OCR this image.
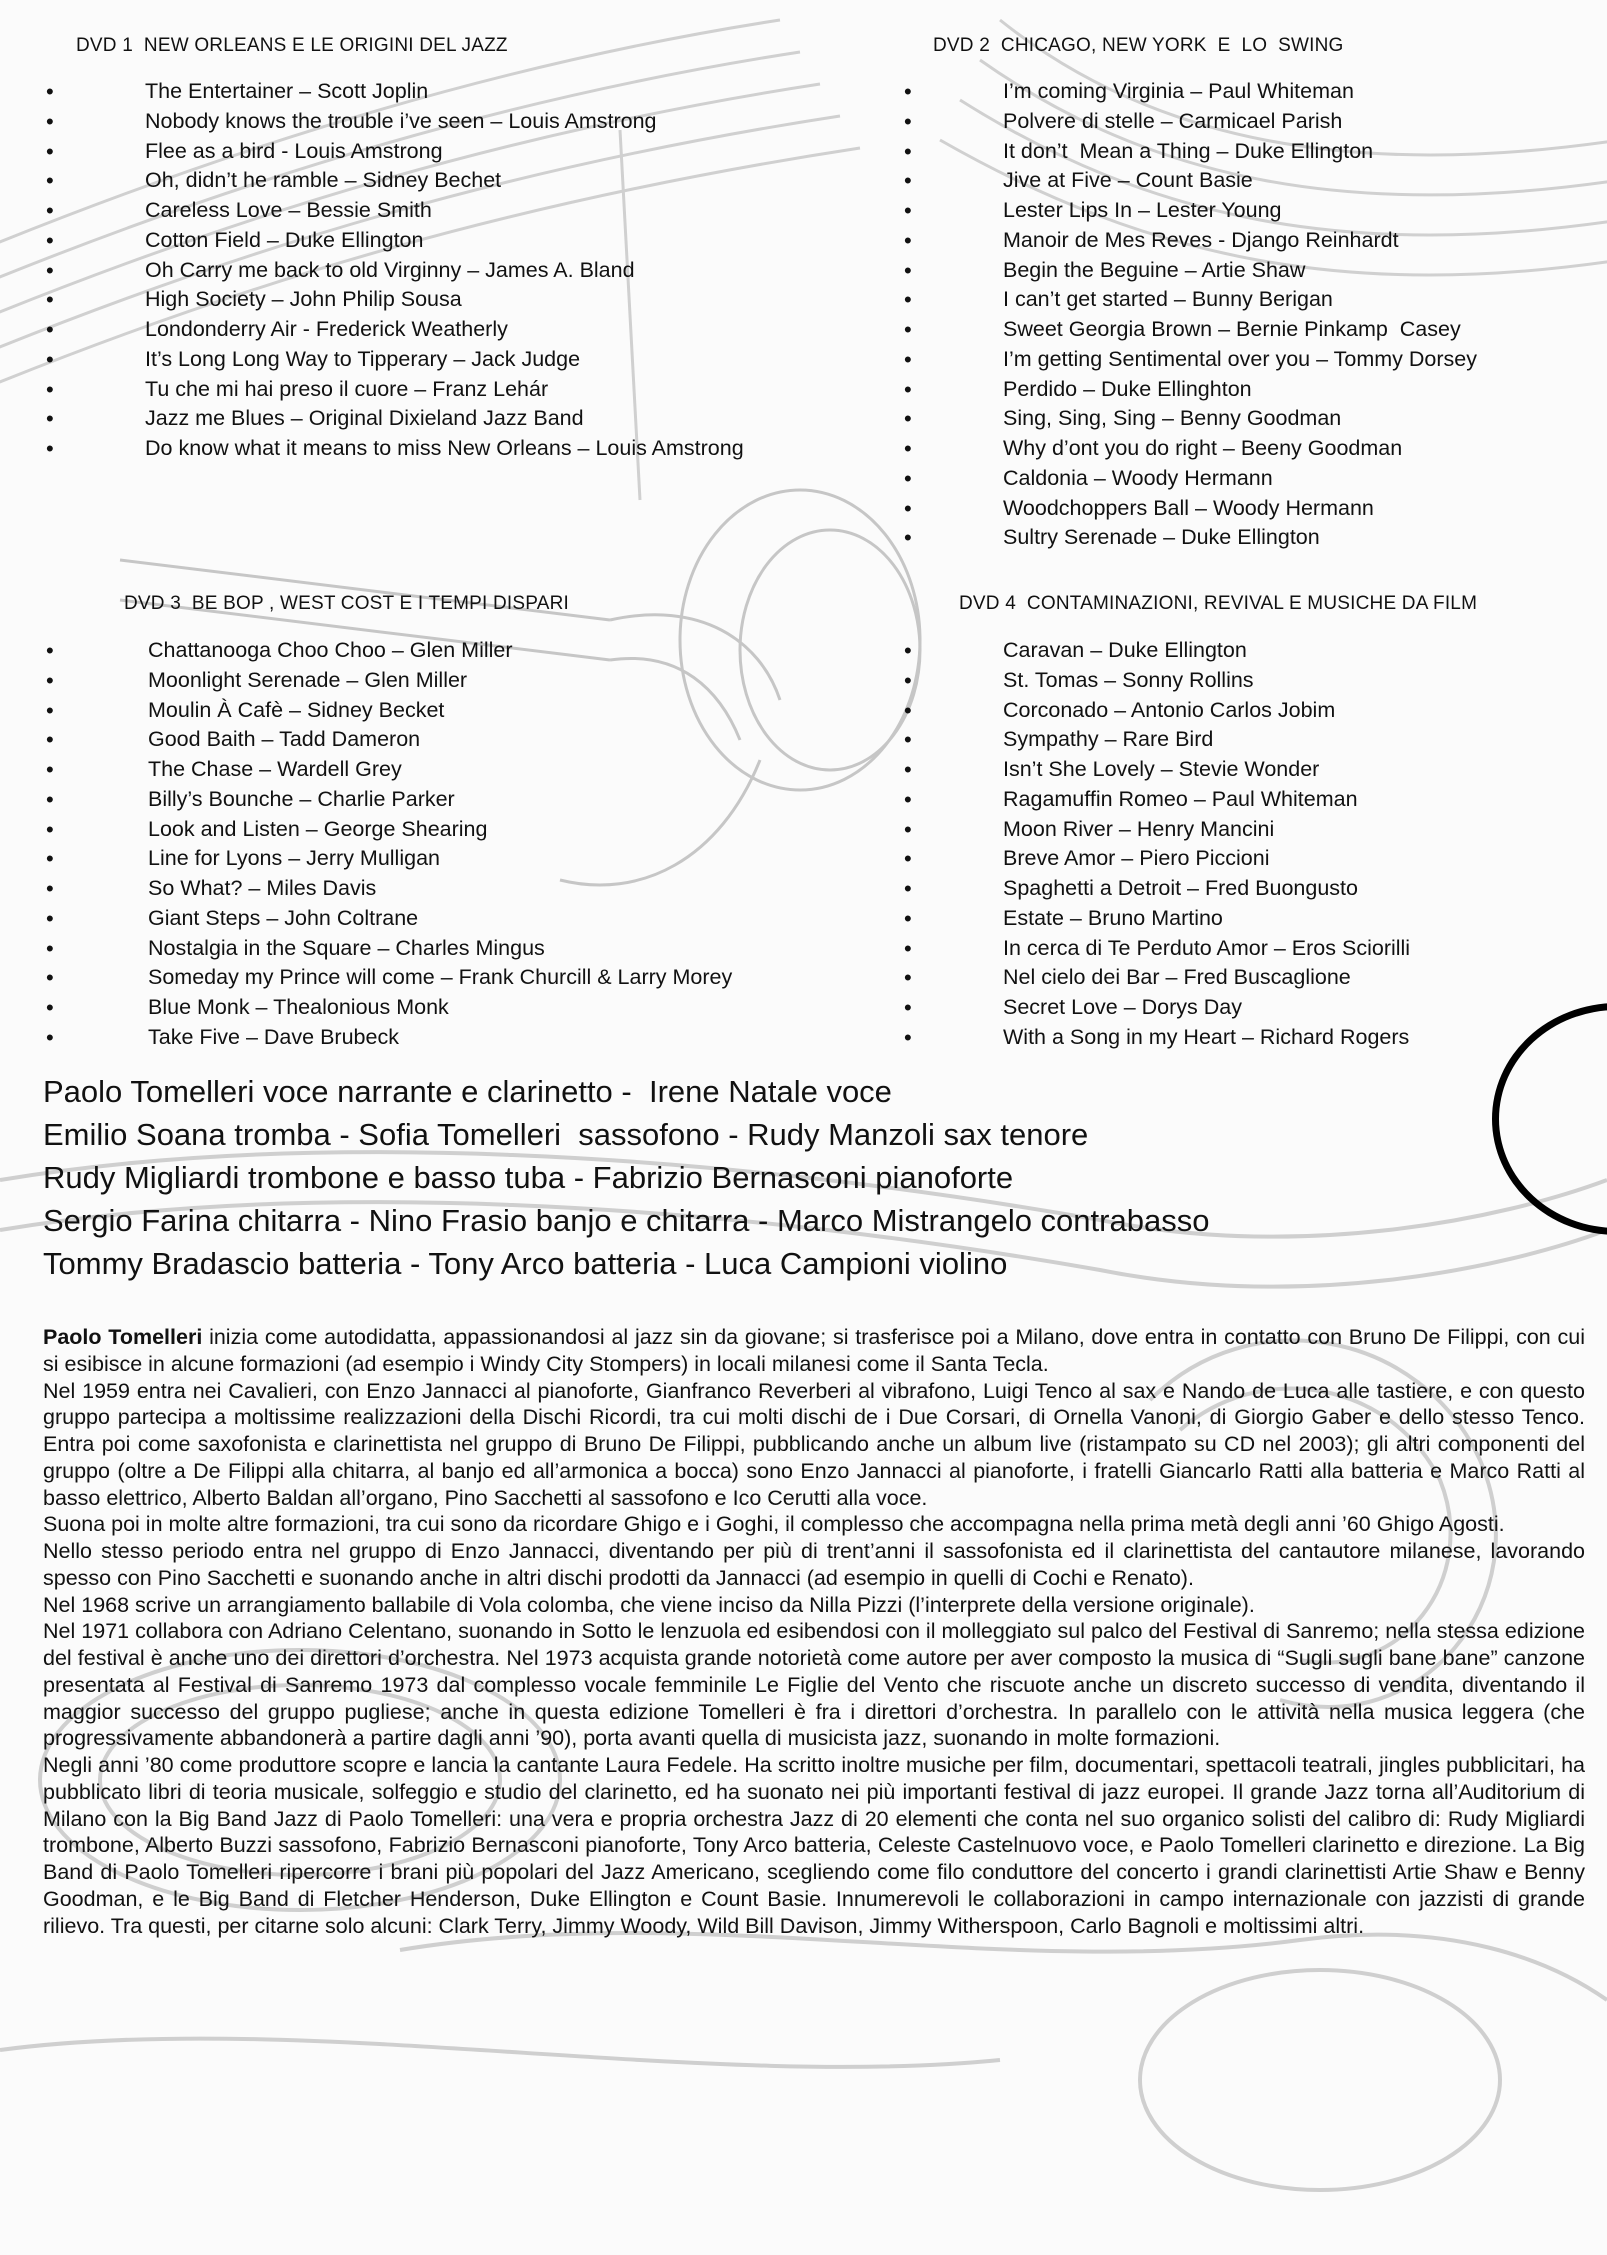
DVD 1  NEW ORLEANS E LE ORIGINI DEL JAZZ
• The Entertainer – Scott Joplin
• Nobody knows the trouble i’ve seen – Louis Amstrong
• Flee as a bird - Louis Amstrong
• Oh, didn’t he ramble – Sidney Bechet
• Careless Love – Bessie Smith
• Cotton Field – Duke Ellington
• Oh Carry me back to old Virginny – James A. Bland
• High Society – John Philip Sousa
• Londonderry Air - Frederick Weatherly
• It’s Long Long Way to Tipperary – Jack Judge
• Tu che mi hai preso il cuore – Franz Lehár
• Jazz me Blues – Original Dixieland Jazz Band
• Do know what it means to miss New Orleans – Louis Amstrong
DVD 2  CHICAGO, NEW YORK  E  LO  SWING
• I’m coming Virginia – Paul Whiteman
• Polvere di stelle – Carmicael Parish
• It don’t  Mean a Thing – Duke Ellington
• Jive at Five – Count Basie
• Lester Lips In – Lester Young
• Manoir de Mes Reves - Django Reinhardt
• Begin the Beguine – Artie Shaw
• I can’t get started – Bunny Berigan
• Sweet Georgia Brown – Bernie Pinkamp  Casey
• I’m getting Sentimental over you – Tommy Dorsey
• Perdido – Duke Ellinghton
• Sing, Sing, Sing – Benny Goodman
• Why d’ont you do right – Beeny Goodman
• Caldonia – Woody Hermann
• Woodchoppers Ball – Woody Hermann
• Sultry Serenade – Duke Ellington
DVD 3  BE BOP , WEST COST E I TEMPI DISPARI
• Chattanooga Choo Choo – Glen Miller
• Moonlight Serenade – Glen Miller
• Moulin À Cafè – Sidney Becket
• Good Baith – Tadd Dameron
• The Chase – Wardell Grey
• Billy’s Bounche – Charlie Parker
• Look and Listen – George Shearing
• Line for Lyons – Jerry Mulligan
• So What? – Miles Davis
• Giant Steps – John Coltrane
• Nostalgia in the Square – Charles Mingus
• Someday my Prince will come – Frank Churcill & Larry Morey
• Blue Monk – Thealonious Monk
• Take Five – Dave Brubeck
DVD 4  CONTAMINAZIONI, REVIVAL E MUSICHE DA FILM
• Caravan – Duke Ellington
• St. Tomas – Sonny Rollins
• Corconado – Antonio Carlos Jobim
• Sympathy – Rare Bird
• Isn’t She Lovely – Stevie Wonder
• Ragamuffin Romeo – Paul Whiteman
• Moon River – Henry Mancini
• Breve Amor – Piero Piccioni
• Spaghetti a Detroit – Fred Buongusto
• Estate – Bruno Martino
• In cerca di Te Perduto Amor – Eros Sciorilli
• Nel cielo dei Bar – Fred Buscaglione
• Secret Love – Dorys Day
• With a Song in my Heart – Richard Rogers
Paolo Tomelleri voce narrante e clarinetto -  Irene Natale voce
Emilio Soana tromba - Sofia Tomelleri  sassofono - Rudy Manzoli sax tenore
Rudy Migliardi trombone e basso tuba - Fabrizio Bernasconi pianoforte
Sergio Farina chitarra - Nino Frasio banjo e chitarra - Marco Mistrangelo contrabasso
Tommy Bradascio batteria - Tony Arco batteria - Luca Campioni violino

Paolo Tomelleri inizia come autodidatta, appassionandosi al jazz sin da giovane; si trasferisce poi a Milano, dove entra in contatto con Bruno De Filippi, con cui si esibisce in alcune formazioni (ad esempio i Windy City Stompers) in locali milanesi come il Santa Tecla.

Nel 1959 entra nei Cavalieri, con Enzo Jannacci al pianoforte, Gianfranco Reverberi al vibrafono, Luigi Tenco al sax e Nando de Luca alle tastiere, e con questo gruppo partecipa a moltissime realizzazioni della Dischi Ricordi, tra cui molti dischi de i Due Corsari, di Ornella Vanoni, di Giorgio Gaber e dello stesso Tenco. Entra poi come saxofonista e clarinettista nel gruppo di Bruno De Filippi, pubblicando anche un album live (ristampato su CD nel 2003); gli altri componenti del gruppo (oltre a De Filippi alla chitarra, al banjo ed all’armonica a bocca) sono Enzo Jannacci al pianoforte, i fratelli Giancarlo Ratti alla batteria e Marco Ratti al basso elettrico, Alberto Baldan all’organo, Pino Sacchetti al sassofono e Ico Cerutti alla voce.

Suona poi in molte altre formazioni, tra cui sono da ricordare Ghigo e i Goghi, il complesso che accompagna nella prima metà degli anni ’60 Ghigo Agosti.

Nello stesso periodo entra nel gruppo di Enzo Jannacci, diventando per più di trent’anni il sassofonista ed il clarinettista del cantautore milanese, lavorando spesso con Pino Sacchetti e suonando anche in altri dischi prodotti da Jannacci (ad esempio in quelli di Cochi e Renato).

Nel 1968 scrive un arrangiamento ballabile di Vola colomba, che viene inciso da Nilla Pizzi (l’interprete della versione originale).

Nel 1971 collabora con Adriano Celentano, suonando in Sotto le lenzuola ed esibendosi con il molleggiato sul palco del Festival di Sanremo; nella stessa edizione del festival è anche uno dei direttori d’orchestra. Nel 1973 acquista grande notorietà come autore per aver composto la musica di “Sugli sugli bane bane” canzone presentata al Festival di Sanremo 1973 dal complesso vocale femminile Le Figlie del Vento che riscuote anche un discreto successo di vendita, diventando il maggior successo del gruppo pugliese; anche in questa edizione Tomelleri è fra i direttori d’orchestra. In parallelo con le attività nella musica leggera (che progressivamente abbandonerà a partire dagli anni ’90), porta avanti quella di musicista jazz, suonando in molte formazioni.

Negli anni ’80 come produttore scopre e lancia la cantante Laura Fedele. Ha scritto inoltre musiche per film, documentari, spettacoli teatrali, jingles pubblicitari, ha pubblicato libri di teoria musicale, solfeggio e studio del clarinetto, ed ha suonato nei più importanti festival di jazz europei. Il grande Jazz torna all’Auditorium di Milano con la Big Band Jazz di Paolo Tomelleri: una vera e propria orchestra Jazz di 20 elementi che conta nel suo organico solisti del calibro di: Rudy Migliardi trombone, Alberto Buzzi sassofono, Fabrizio Bernasconi pianoforte, Tony Arco batteria, Celeste Castelnuovo voce, e Paolo Tomelleri clarinetto e direzione. La Big Band di Paolo Tomelleri ripercorre i brani più popolari del Jazz Americano, scegliendo come filo conduttore del concerto i grandi clarinettisti Artie Shaw e Benny Goodman, e le Big Band di Fletcher Henderson, Duke Ellington e Count Basie. Innumerevoli le collaborazioni in campo internazionale con jazzisti di grande rilievo. Tra questi, per citarne solo alcuni: Clark Terry, Jimmy Woody, Wild Bill Davison, Jimmy Witherspoon, Carlo Bagnoli e moltissimi altri.
